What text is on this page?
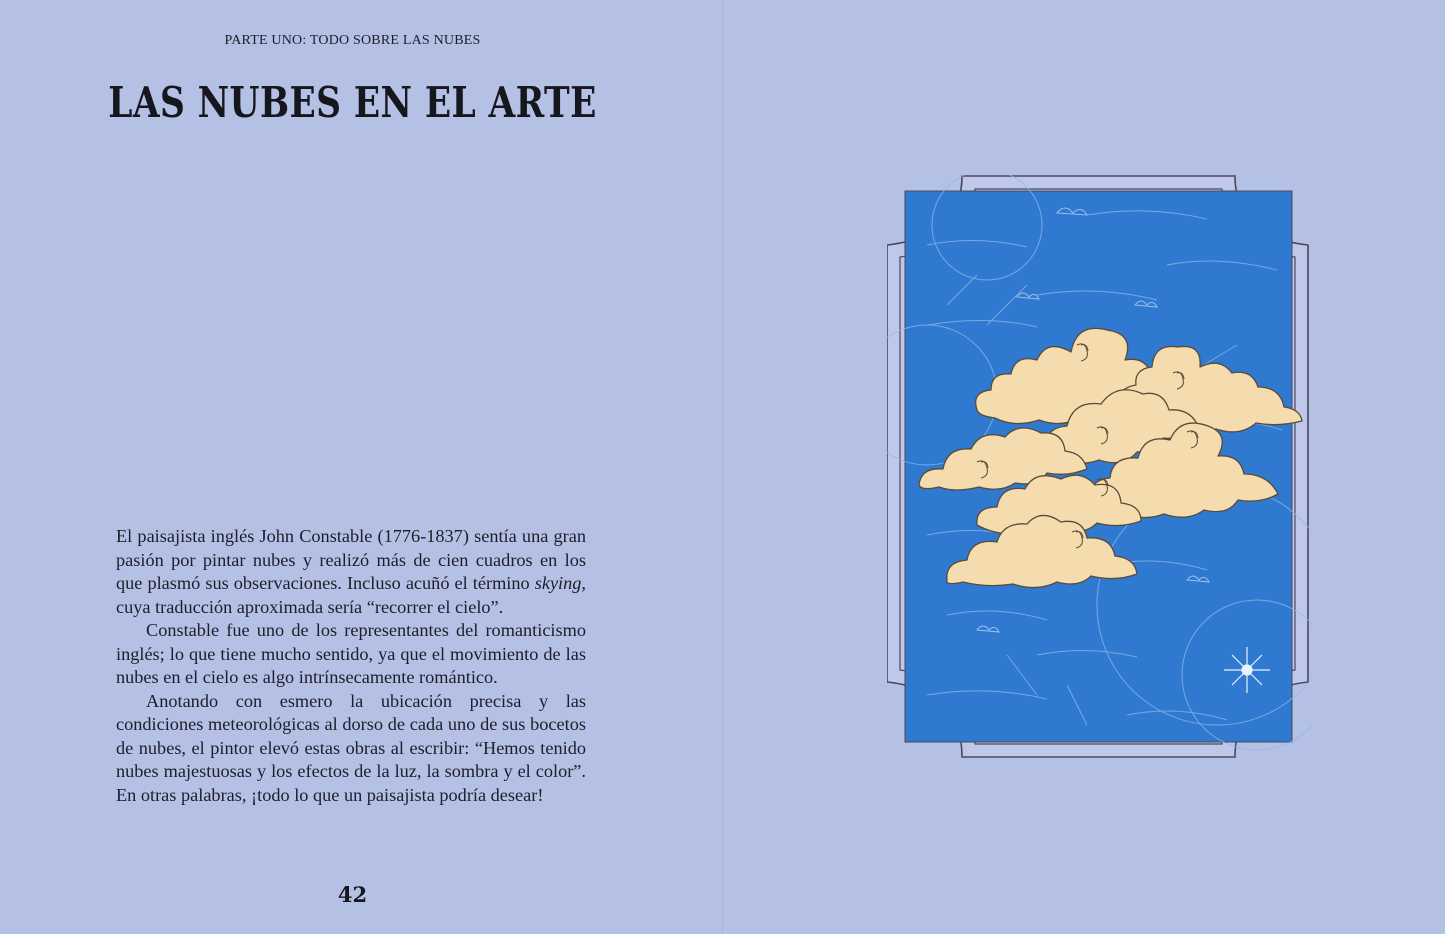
PARTE UNO: TODO SOBRE LAS NUBES
LAS NUBES EN EL ARTE

El paisajista inglés John Constable (1776-1837) sentía una gran pasión por pintar nubes y realizó más de cien cuadros en los que plasmó sus observaciones. Incluso acuñó el término skying, cuya traducción aproximada sería “recorrer el cielo”.

Constable fue uno de los representantes del romanticismo inglés; lo que tiene mucho sentido, ya que el movimiento de las nubes en el cielo es algo intrínsecamente romántico.

Anotando con esmero la ubicación precisa y las condiciones meteorológicas al dorso de cada uno de sus bocetos de nubes, el pintor elevó estas obras al escribir: “Hemos tenido nubes majestuosas y los efectos de la luz, la sombra y el color”. En otras palabras, ¡todo lo que un paisajista podría desear!

42
